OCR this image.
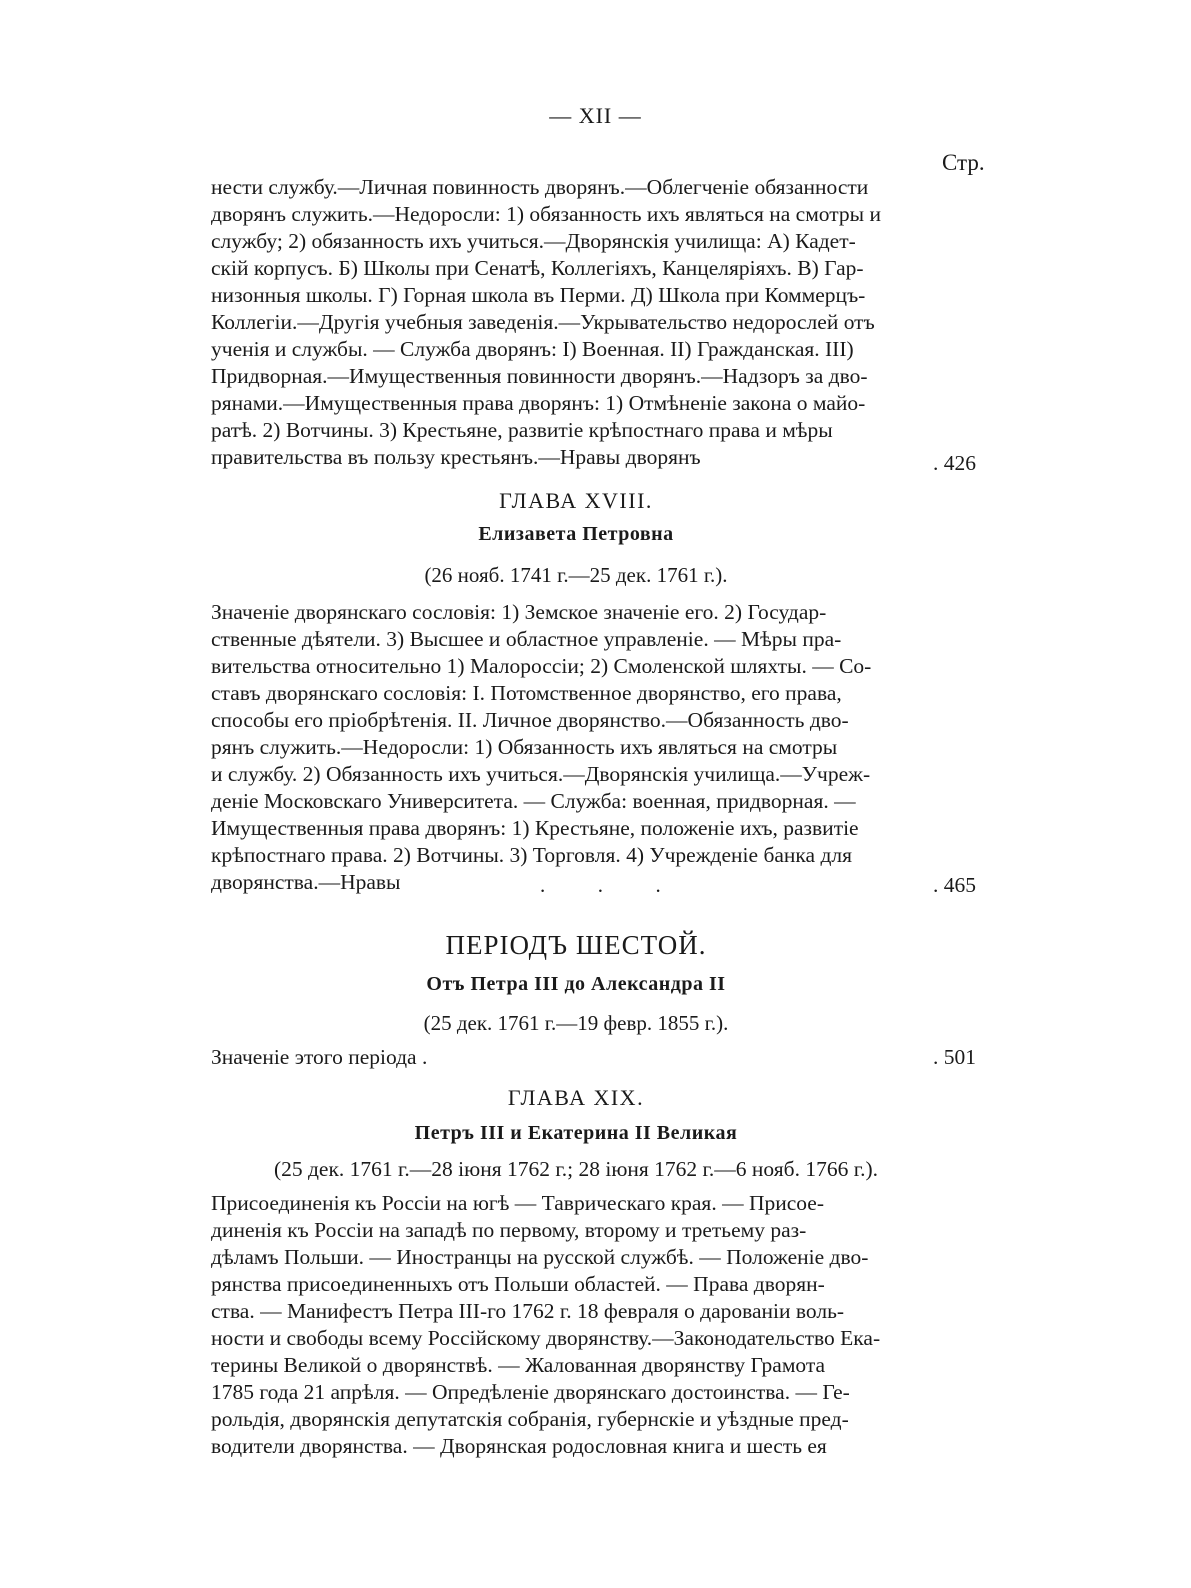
— XII —
Стр.
нести службу.—Личная повинность дворянъ.—Облегченіе обязанности
дворянъ служить.—Недоросли: 1) обязанность ихъ являться на смотры и
службу; 2) обязанность ихъ учиться.—Дворянскія училища: А) Кадет-
скій корпусъ. Б) Школы при Сенатѣ, Коллегіяхъ, Канцеляріяхъ. В) Гар-
низонныя школы. Г) Горная школа въ Перми. Д) Школа при Коммерцъ-
Коллегіи.—Другія учебныя заведенія.—Укрывательство недорослей отъ
ученія и службы. — Служба дворянъ: I) Военная. II) Гражданская. III)
Придворная.—Имущественныя повинности дворянъ.—Надзоръ за дво-
рянами.—Имущественныя права дворянъ: 1) Отмѣненіе закона о майо-
ратѣ. 2) Вотчины. 3) Крестьяне, развитіе крѣпостнаго права и мѣры
правительства въ пользу крестьянъ.—Нравы дворянъ	. 426
ГЛАВА XVIII.
Елизавета Петровна
(26 нояб. 1741 г.—25 дек. 1761 г.).
Значеніе дворянскаго сословія: 1) Земское значеніе его. 2) Государ-
ственные дѣятели. 3) Высшее и областное управленіе. — Мѣры пра-
вительства относительно 1) Малороссіи; 2) Смоленской шляхты. — Со-
ставъ дворянскаго сословія: I. Потомственное дворянство, его права,
способы его пріобрѣтенія. II. Личное дворянство.—Обязанность дво-
рянъ служить.—Недоросли: 1) Обязанность ихъ являться на смотры
и службу. 2) Обязанность ихъ учиться.—Дворянскія училища.—Учреж-
деніе Московскаго Университета. — Служба: военная, придворная. —
Имущественныя права дворянъ: 1) Крестьяне, положеніе ихъ, развитіе
крѣпостнаго права. 2) Вотчины. 3) Торговля. 4) Учрежденіе банка для
дворянства.—Нравы	.          .          .	. 465
ПЕРІОДЪ ШЕСТОЙ.
Отъ Петра III до Александра II
(25 дек. 1761 г.—19 февр. 1855 г.).
Значеніе этого періода .	. 501
ГЛАВА XIX.
Петръ III и Екатерина II Великая
(25 дек. 1761 г.—28 іюня 1762 г.; 28 іюня 1762 г.—6 нояб. 1766 г.).
Присоединенія къ Россіи на югѣ — Таврическаго края. — Присое-
диненія къ Россіи на западѣ по первому, второму и третьему раз-
дѣламъ Польши. — Иностранцы на русской службѣ. — Положеніе дво-
рянства присоединенныхъ отъ Польши областей. — Права дворян-
ства. — Манифестъ Петра III-го 1762 г. 18 февраля о дарованіи воль-
ности и свободы всему Россійскому дворянству.—Законодательство Ека-
терины Великой о дворянствѣ. — Жалованная дворянству Грамота
1785 года 21 апрѣля. — Опредѣленіе дворянскаго достоинства. — Ге-
рольдія, дворянскія депутатскія собранія, губернскіе и уѣздные пред-
водители дворянства. — Дворянская родословная книга и шесть ея
